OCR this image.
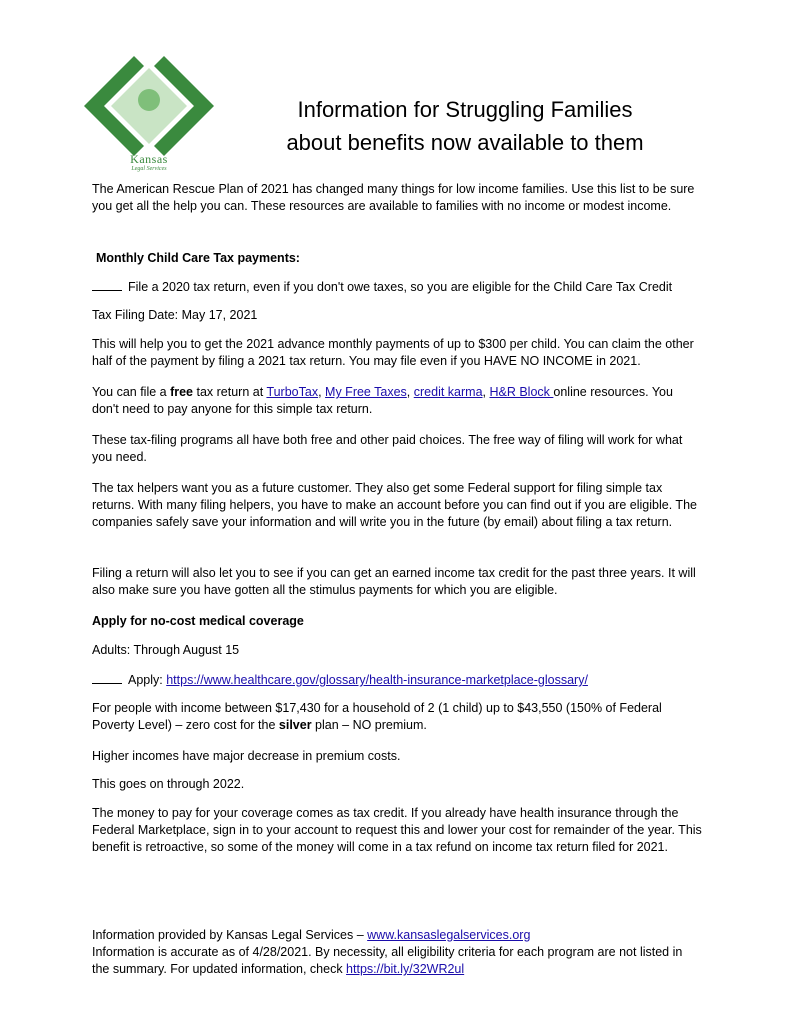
Kansas
Legal Services
Information for Struggling Families
about benefits now available to them

The American Rescue Plan of 2021 has changed many things for low income families. Use this list to be sure you get all the help you can. These resources are available to families with no income or modest income.

Monthly Child Care Tax payments:

File a 2020 tax return, even if you don't owe taxes, so you are eligible for the Child Care Tax Credit

Tax Filing Date: May 17, 2021

This will help you to get the 2021 advance monthly payments of up to $300 per child. You can claim the other half of the payment by filing a 2021 tax return. You may file even if you HAVE NO INCOME in 2021.

You can file a free tax return at TurboTax, My Free Taxes, credit karma, H&R Block online resources. You don't need to pay anyone for this simple tax return.

These tax-filing programs all have both free and other paid choices. The free way of filing will work for what you need.

The tax helpers want you as a future customer. They also get some Federal support for filing simple tax returns. With many filing helpers, you have to make an account before you can find out if you are eligible. The companies safely save your information and will write you in the future (by email) about filing a tax return.

Filing a return will also let you to see if you can get an earned income tax credit for the past three years. It will also make sure you have gotten all the stimulus payments for which you are eligible.

Apply for no-cost medical coverage

Adults: Through August 15

Apply: https://www.healthcare.gov/glossary/health-insurance-marketplace-glossary/

For people with income between $17,430 for a household of 2 (1 child) up to $43,550 (150% of Federal Poverty Level) – zero cost for the silver plan – NO premium.

Higher incomes have major decrease in premium costs.

This goes on through 2022.

The money to pay for your coverage comes as tax credit. If you already have health insurance through the Federal Marketplace, sign in to your account to request this and lower your cost for remainder of the year. This benefit is retroactive, so some of the money will come in a tax refund on income tax return filed for 2021.

Information provided by Kansas Legal Services – www.kansaslegalservices.org

Information is accurate as of 4/28/2021. By necessity, all eligibility criteria for each program are not listed in the summary. For updated information, check https://bit.ly/32WR2ul
